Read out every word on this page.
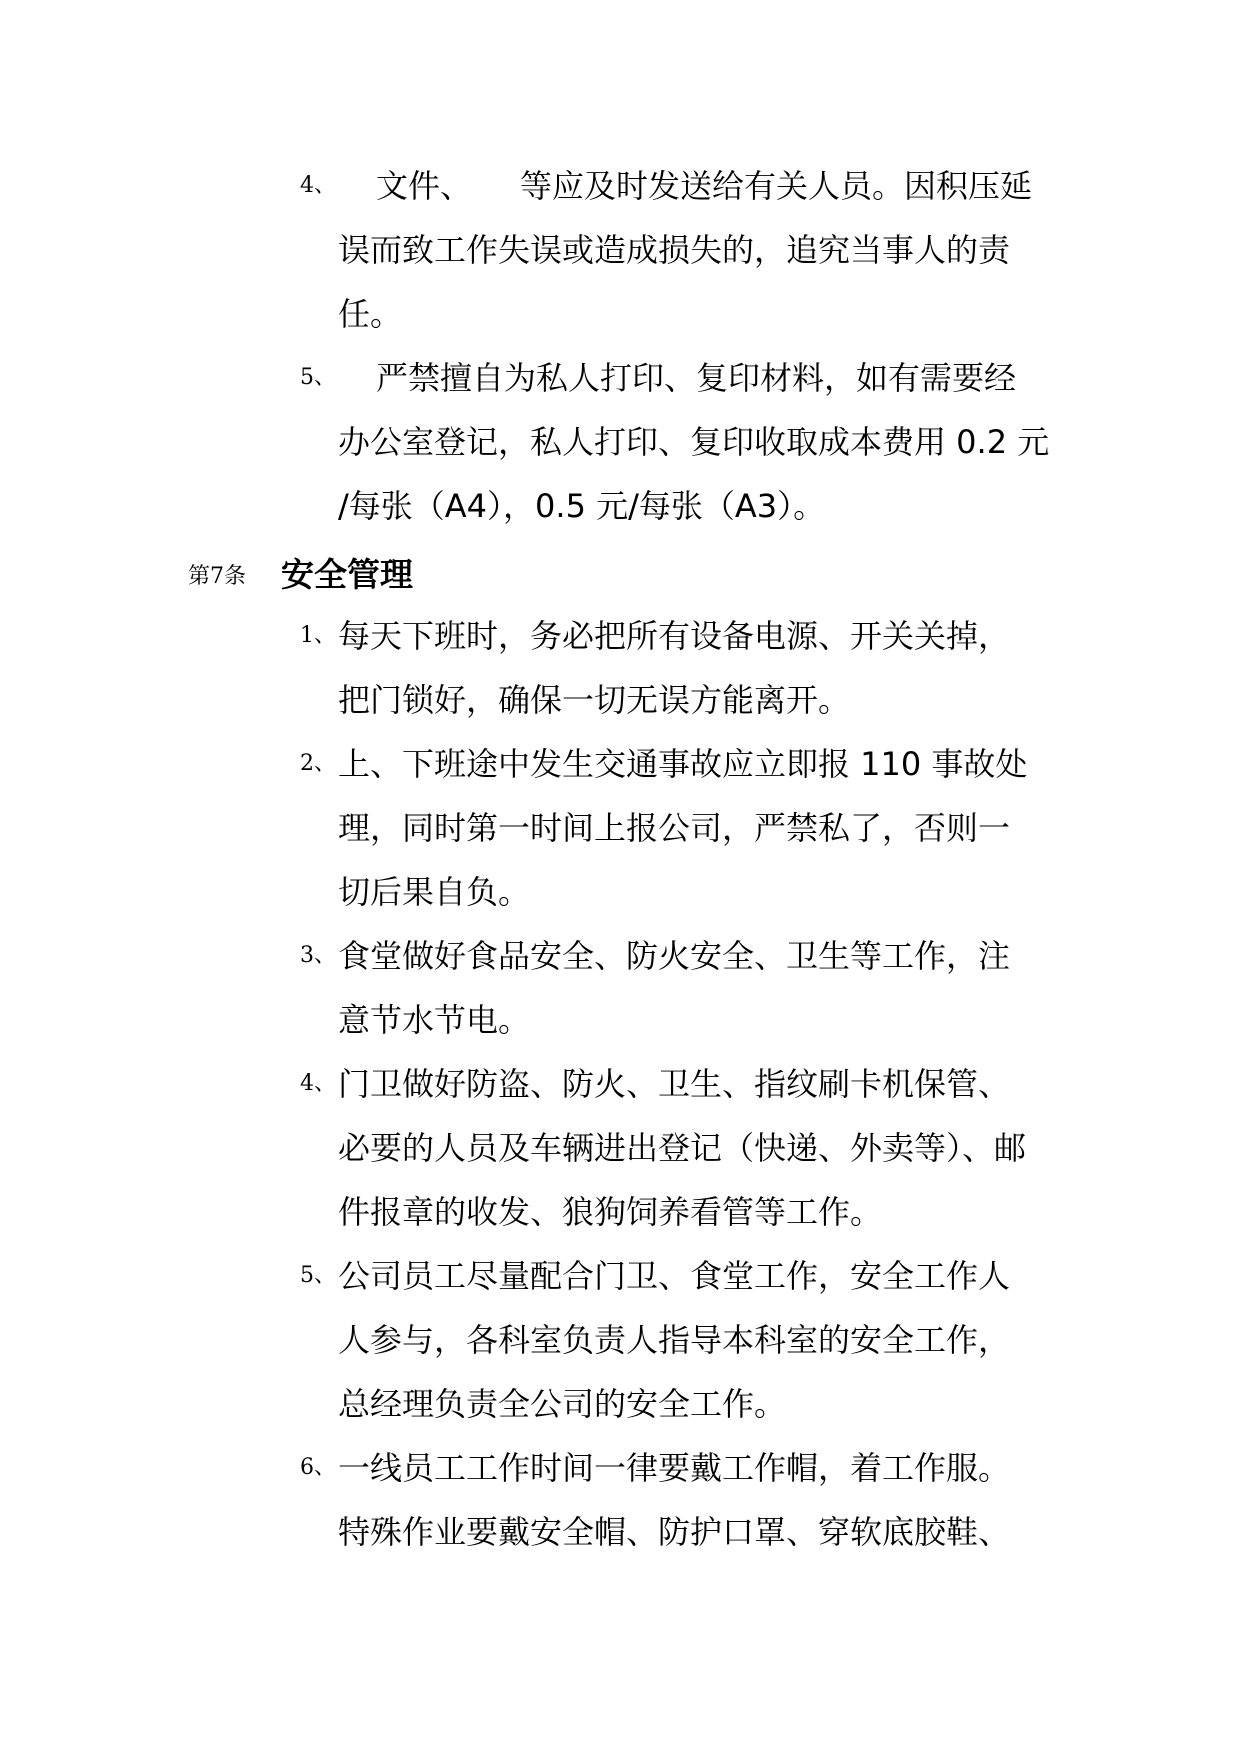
4、 文件、　　等应及时发送给有关人员。因积压延
误而致工作失误或造成损失的，追究当事人的责
任。
5、 严禁擅自为私人打印、复印材料，如有需要经
办公室登记，私人打印、复印收取成本费用 0.2 元
/每张（A4），0.5 元/每张（A3）。
第7条 安全管理
1、 每天下班时，务必把所有设备电源、开关关掉，
把门锁好，确保一切无误方能离开。
2、 上、下班途中发生交通事故应立即报 110 事故处
理，同时第一时间上报公司，严禁私了，否则一
切后果自负。
3、 食堂做好食品安全、防火安全、卫生等工作，注
意节水节电。
4、 门卫做好防盗、防火、卫生、指纹刷卡机保管、
必要的人员及车辆进出登记（快递、外卖等）、邮
件报章的收发、狼狗饲养看管等工作。
5、 公司员工尽量配合门卫、食堂工作，安全工作人
人参与，各科室负责人指导本科室的安全工作，
总经理负责全公司的安全工作。
6、 一线员工工作时间一律要戴工作帽，着工作服。
特殊作业要戴安全帽、防护口罩、穿软底胶鞋、
